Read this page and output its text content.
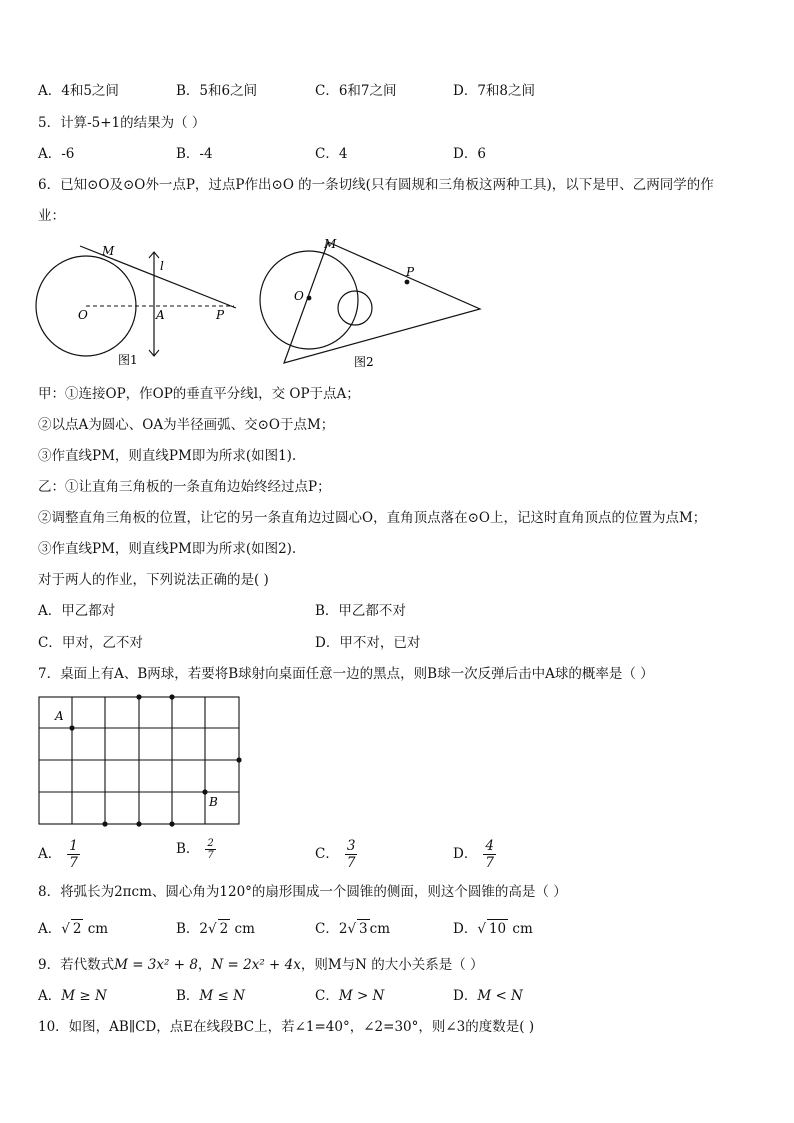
A．4和5之间	B．5和6之间	C．6和7之间	D．7和8之间
5．计算-5+1的结果为（ ）
A．-6	B．-4	C．4	D．6
6．已知⊙O及⊙O外一点P，过点P作出⊙O 的一条切线(只有圆规和三角板这两种工具)，以下是甲、乙两同学的作
业：
M
l
O	A	P
图1
M
P
O
图2
甲：①连接OP，作OP的垂直平分线l，交 OP于点A；
②以点A为圆心、OA为半径画弧、交⊙O于点M；
③作直线PM，则直线PM即为所求(如图1).
乙：①让直角三角板的一条直角边始终经过点P；
②调整直角三角板的位置，让它的另一条直角边过圆心O，直角顶点落在⊙O上，记这时直角顶点的位置为点M；
③作直线PM，则直线PM即为所求(如图2).
对于两人的作业，下列说法正确的是( )
A．甲乙都对	B．甲乙都不对
C．甲对，乙不对	D．甲不对，已对
7．桌面上有A、B两球，若要将B球射向桌面任意一边的黑点，则B球一次反弹后击中A球的概率是（ ）
A
B
A． $\frac{1}{7}$	B． $\frac{2}{7}$	C． $\frac{3}{7}$	D． $\frac{4}{7}$
8．将弧长为2πcm、圆心角为120°的扇形围成一个圆锥的侧面，则这个圆锥的高是（ ）
A．√ 2 cm	B．2√ 2 cm	C．2√ 3 cm	D．√ 10 cm
9．若代数式M = 3x² + 8，N = 2x² + 4x，则M与N 的大小关系是（ ）
A．M ≥ N	B．M ≤ N	C．M > N	D．M < N
10．如图，AB∥CD，点E在线段BC上，若∠1=40°，∠2=30°，则∠3的度数是( )
